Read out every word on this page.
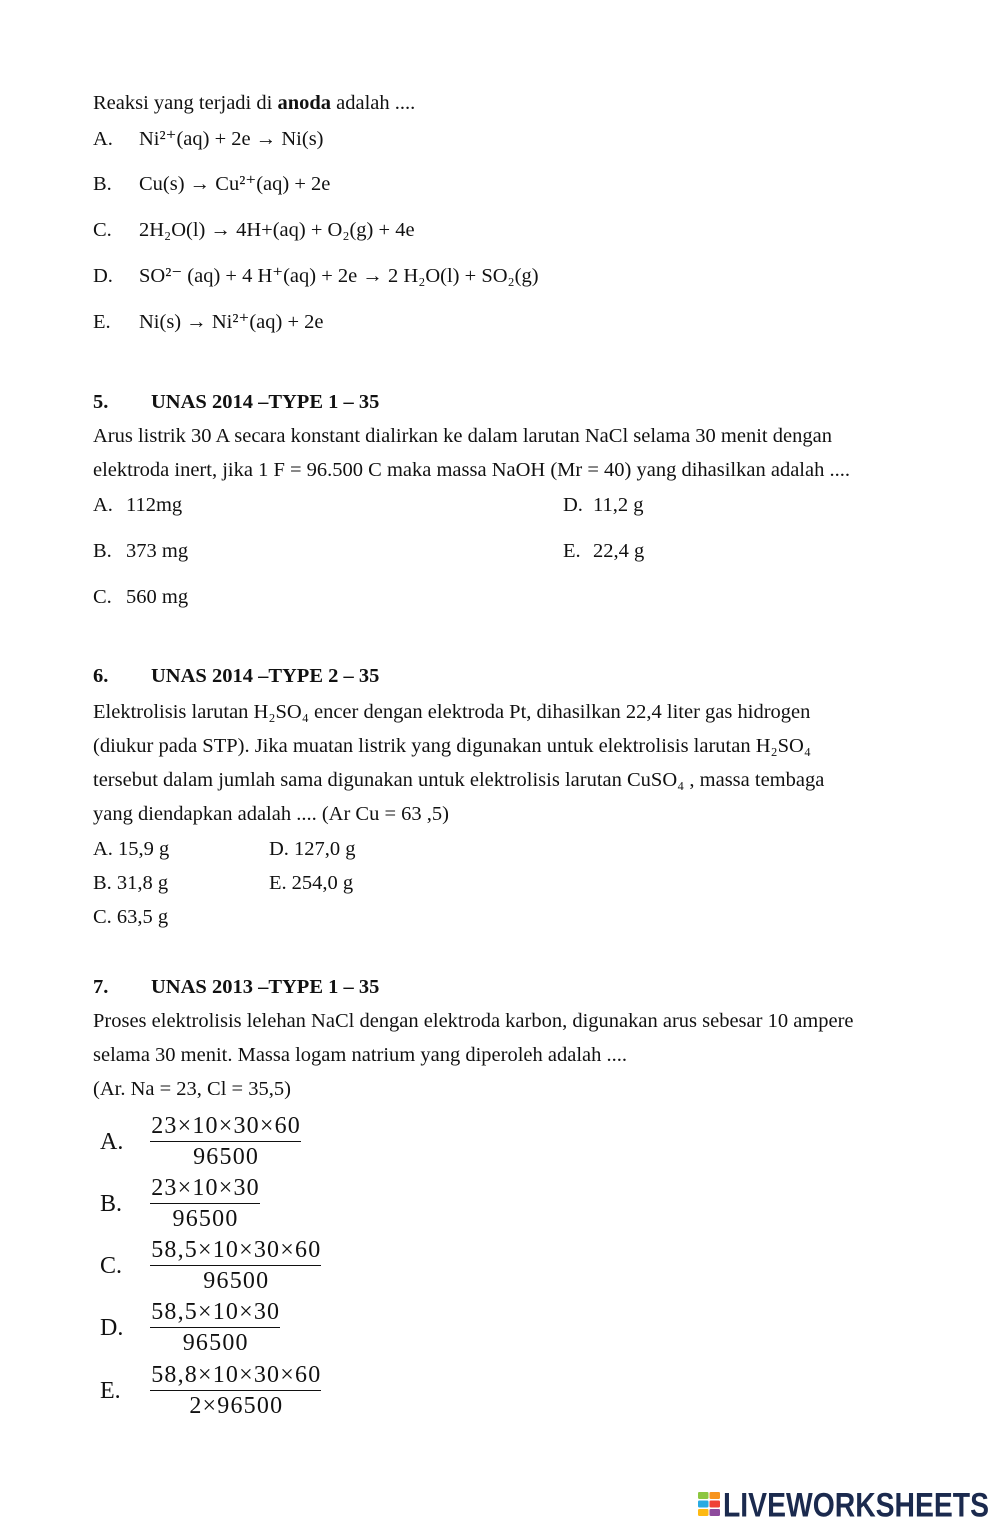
Reaksi yang terjadi di anoda adalah ....
A. Ni²⁺(aq) + 2e → Ni(s)
B. Cu(s) → Cu²⁺(aq) + 2e
C. 2H₂O(l) → 4H+(aq) + O₂(g) + 4e
D. SO²⁻ (aq) + 4 H⁺(aq) + 2e → 2 H₂O(l) + SO₂(g)
E. Ni(s) → Ni²⁺(aq) + 2e
5. UNAS 2014 –TYPE 1 – 35
Arus listrik 30 A secara konstant dialirkan ke dalam larutan NaCl selama 30 menit dengan
elektroda inert, jika 1 F = 96.500 C maka massa NaOH (Mr = 40) yang dihasilkan adalah ....
A. 112mg	D. 11,2 g
B. 373 mg	E. 22,4 g
C. 560 mg
6. UNAS 2014 –TYPE 2 – 35
Elektrolisis larutan H₂SO₄ encer dengan elektroda Pt, dihasilkan 22,4 liter gas hidrogen
(diukur pada STP). Jika muatan listrik yang digunakan untuk elektrolisis larutan H₂SO₄
tersebut dalam jumlah sama digunakan untuk elektrolisis larutan CuSO₄ , massa tembaga
yang diendapkan adalah .... (Ar Cu = 63 ,5)
A. 15,9 g	D. 127,0 g
B. 31,8 g	E. 254,0 g
C. 63,5 g
7. UNAS 2013 –TYPE 1 – 35
Proses elektrolisis lelehan NaCl dengan elektroda karbon, digunakan arus sebesar 10 ampere
selama 30 menit. Massa logam natrium yang diperoleh adalah ....
(Ar. Na = 23, Cl = 35,5)
A.	$\frac{23\times 10\times 30\times 60}{96500}$
B.	$\frac{23\times 10\times 30}{96500}$
C.	$\frac{58,5\times 10\times 30\times 60}{96500}$
D.	$\frac{58,5\times 10\times 30}{96500}$
E.	$\frac{58,8\times 10\times 30\times 60}{2\times 96500}$
LIVEWORKSHEETS
